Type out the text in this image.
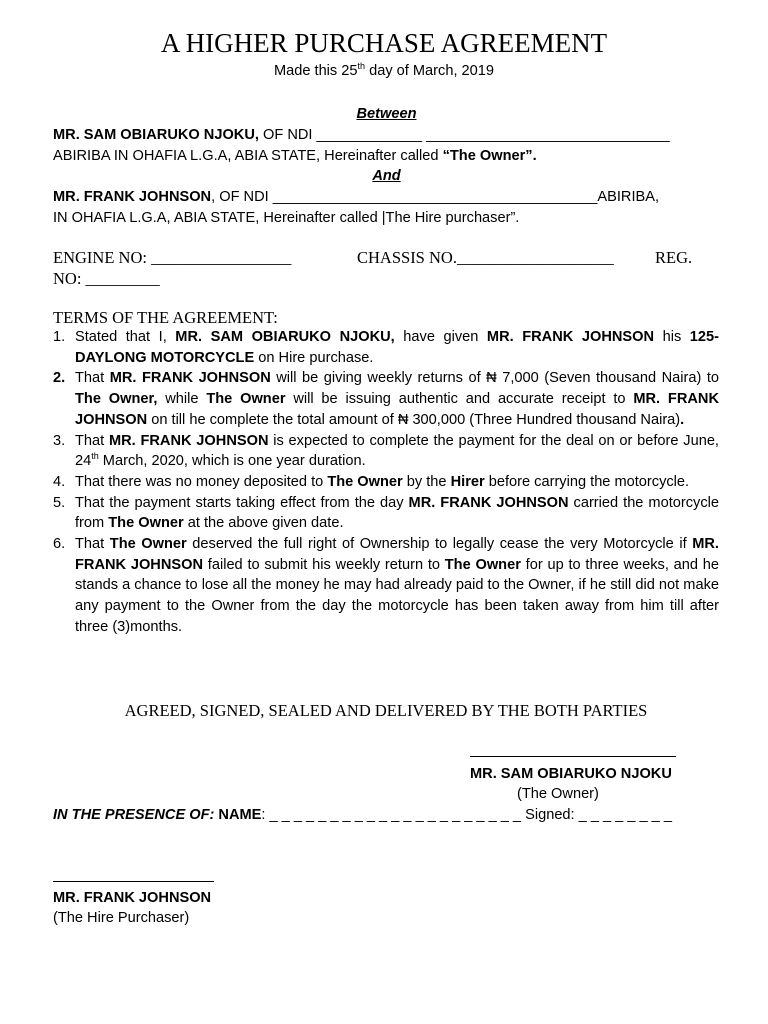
A HIGHER PURCHASE AGREEMENT
Made this 25th day of March, 2019
Between
MR. SAM OBIARUKO NJOKU, OF NDI _____________ ______________________________
ABIRIBA IN OHAFIA L.G.A, ABIA STATE, Hereinafter called “The Owner”.
And
MR. FRANK JOHNSON, OF NDI ________________________________________ABIRIBA,
IN OHAFIA L.G.A, ABIA STATE, Hereinafter called |The Hire purchaser”.
ENGINE NO: _________________	CHASSIS NO.___________________	REG.
NO: _________
TERMS OF THE AGREEMENT:
1. Stated that I, MR. SAM OBIARUKO NJOKU, have given MR. FRANK JOHNSON his 125-DAYLONG MOTORCYCLE on Hire purchase.
2. That MR. FRANK JOHNSON will be giving weekly returns of ₦ 7,000 (Seven thousand Naira) to The Owner, while The Owner will be issuing authentic and accurate receipt to MR. FRANK JOHNSON on till he complete the total amount of ₦ 300,000 (Three Hundred thousand Naira).
3. That MR. FRANK JOHNSON is expected to complete the payment for the deal on or before June, 24th March, 2020, which is one year duration.
4. That there was no money deposited to The Owner by the Hirer before carrying the motorcycle.
5. That the payment starts taking effect from the day MR. FRANK JOHNSON carried the motorcycle from The Owner at the above given date.
6. That The Owner deserved the full right of Ownership to legally cease the very Motorcycle if MR. FRANK JOHNSON failed to submit his weekly return to The Owner for up to three weeks, and he stands a chance to lose all the money he may had already paid to the Owner, if he still did not make any payment to the Owner from the day the motorcycle has been taken away from him till after three (3)months.
AGREED, SIGNED, SEALED AND DELIVERED BY THE BOTH PARTIES
MR. SAM OBIARUKO NJOKU
(The Owner)
IN THE PRESENCE OF: NAME: _ _ _ _ _ _ _ _ _ _ _ _ _ _ _ _ _ _ _ _ _ Signed: _ _ _ _ _ _ _ _
MR. FRANK JOHNSON
(The Hire Purchaser)
